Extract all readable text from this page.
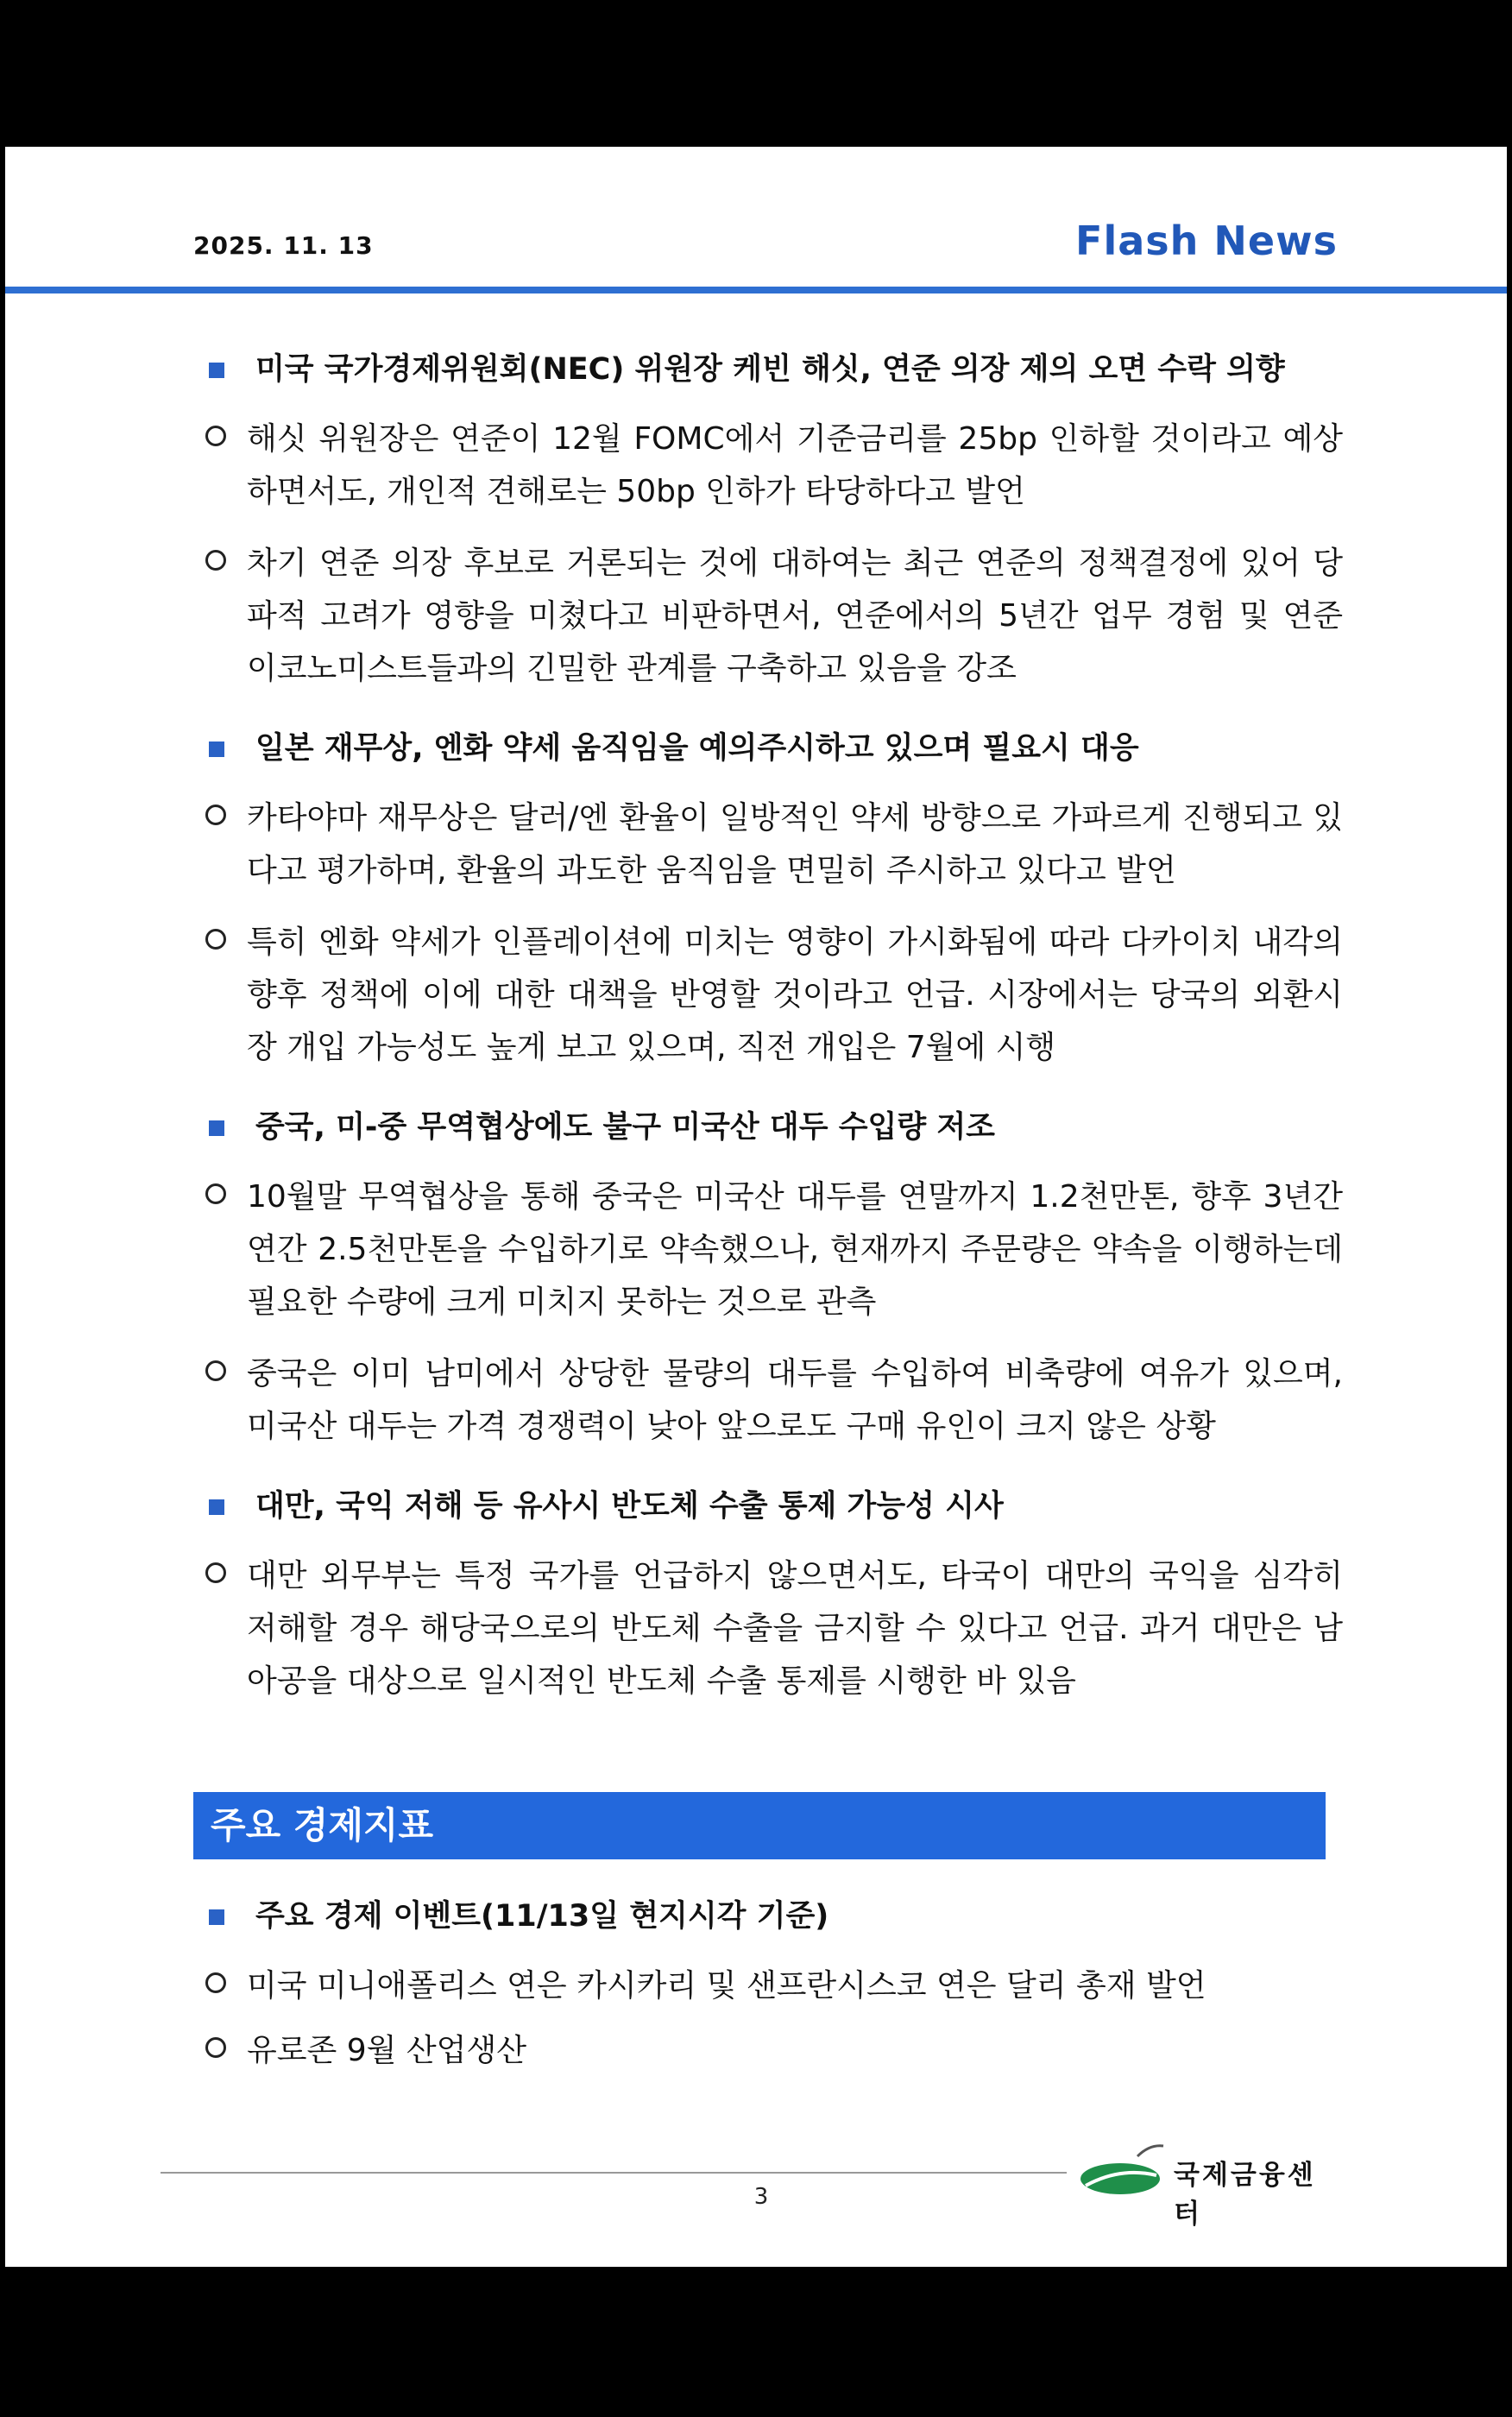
2025. 11. 13	Flash News
미국 국가경제위원회(NEC) 위원장 케빈 해싯, 연준 의장 제의 오면 수락 의향
해싯 위원장은 연준이 12월 FOMC에서 기준금리를 25bp 인하할 것이라고 예상하면서도, 개인적 견해로는 50bp 인하가 타당하다고 발언
차기 연준 의장 후보로 거론되는 것에 대하여는 최근 연준의 정책결정에 있어 당파적 고려가 영향을 미쳤다고 비판하면서, 연준에서의 5년간 업무 경험 및 연준 이코노미스트들과의 긴밀한 관계를 구축하고 있음을 강조
일본 재무상, 엔화 약세 움직임을 예의주시하고 있으며 필요시 대응
카타야마 재무상은 달러/엔 환율이 일방적인 약세 방향으로 가파르게 진행되고 있다고 평가하며, 환율의 과도한 움직임을 면밀히 주시하고 있다고 발언
특히 엔화 약세가 인플레이션에 미치는 영향이 가시화됨에 따라 다카이치 내각의 향후 정책에 이에 대한 대책을 반영할 것이라고 언급. 시장에서는 당국의 외환시장 개입 가능성도 높게 보고 있으며, 직전 개입은 7월에 시행
중국, 미-중 무역협상에도 불구 미국산 대두 수입량 저조
10월말 무역협상을 통해 중국은 미국산 대두를 연말까지 1.2천만톤, 향후 3년간 연간 2.5천만톤을 수입하기로 약속했으나, 현재까지 주문량은 약속을 이행하는데 필요한 수량에 크게 미치지 못하는 것으로 관측
중국은 이미 남미에서 상당한 물량의 대두를 수입하여 비축량에 여유가 있으며, 미국산 대두는 가격 경쟁력이 낮아 앞으로도 구매 유인이 크지 않은 상황
대만, 국익 저해 등 유사시 반도체 수출 통제 가능성 시사
대만 외무부는 특정 국가를 언급하지 않으면서도, 타국이 대만의 국익을 심각히 저해할 경우 해당국으로의 반도체 수출을 금지할 수 있다고 언급. 과거 대만은 남아공을 대상으로 일시적인 반도체 수출 통제를 시행한 바 있음
주요 경제지표
주요 경제 이벤트(11/13일 현지시각 기준)
미국 미니애폴리스 연은 카시카리 및 샌프란시스코 연은 달리 총재 발언
유로존 9월 산업생산
국제금융센터
3
